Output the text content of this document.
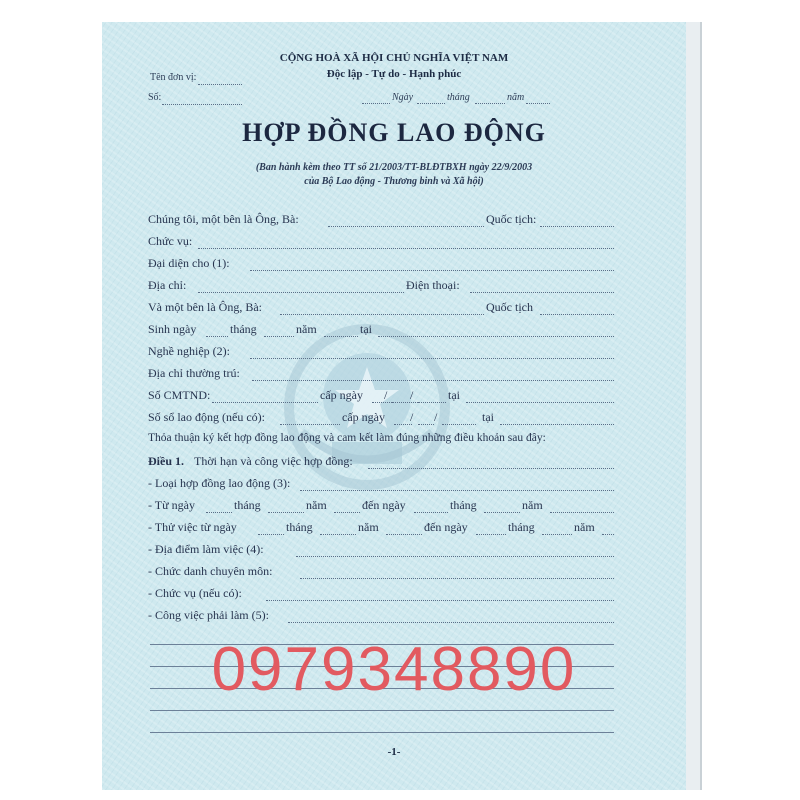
CỘNG HOÀ XÃ HỘI CHỦ NGHĨA VIỆT NAM
Độc lập - Tự do - Hạnh phúc
Tên đơn vị:
Số:	Ngày	tháng	năm
HỢP ĐỒNG LAO ĐỘNG
(Ban hành kèm theo TT số 21/2003/TT-BLĐTBXH ngày 22/9/2003
của Bộ Lao động - Thương binh và Xã hội)
Chúng tôi, một bên là Ông, Bà:	Quốc tịch:
Chức vụ:
Đại diện cho (1):
Địa chỉ:	Điện thoại:
Và một bên là Ông, Bà:	Quốc tịch
Sinh ngày	tháng	năm	tại
Nghề nghiệp (2):
Địa chỉ thường trú:
Số CMTND:	cấp ngày / /	tại
Số sổ lao động (nếu có):	cấp ngày / /	tại
Thỏa thuận ký kết hợp đồng lao động và cam kết làm đúng những điều khoản sau đây:
Điều 1. Thời hạn và công việc hợp đồng:
- Loại hợp đồng lao động (3):
- Từ ngày	tháng	năm	đến ngày	tháng	năm
- Thử việc từ ngày	tháng	năm	đến ngày	tháng	năm
- Địa điểm làm việc (4):
- Chức danh chuyên môn:
- Chức vụ (nếu có):
- Công việc phải làm (5):
0979348890
-1-
